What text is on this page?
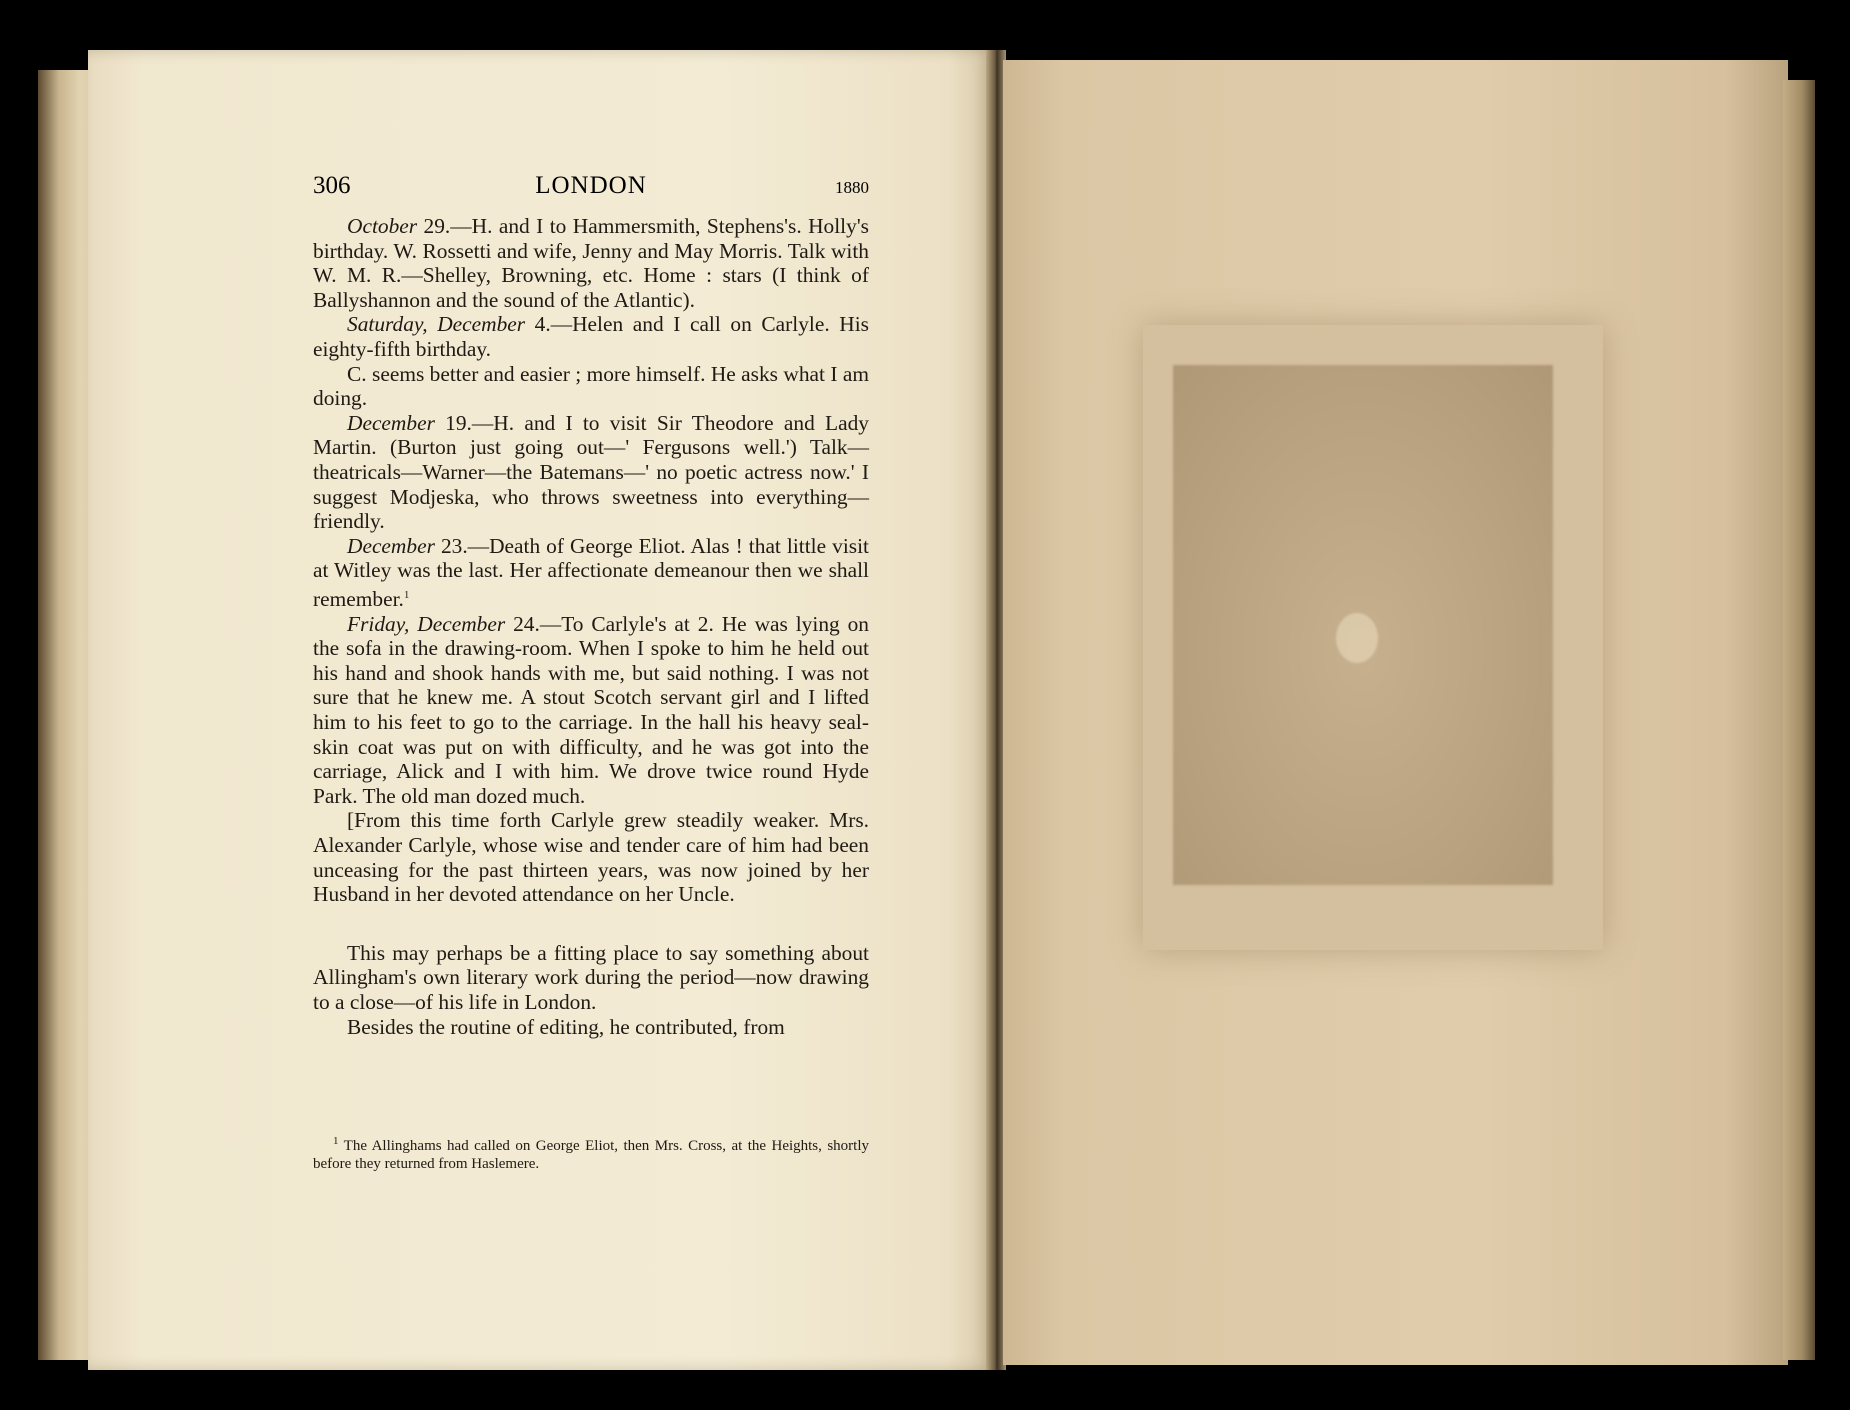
306	LONDON	1880

October 29.—H. and I to Hammersmith, Stephens's. Holly's birthday. W. Rossetti and wife, Jenny and May Morris. Talk with W. M. R.—Shelley, Browning, etc. Home : stars (I think of Ballyshannon and the sound of the Atlantic).

Saturday, December 4.—Helen and I call on Carlyle. His eighty-fifth birthday.

C. seems better and easier ; more himself. He asks what I am doing.

December 19.—H. and I to visit Sir Theodore and Lady Martin. (Burton just going out—' Fergusons well.') Talk—theatricals—Warner—the Batemans—' no poetic actress now.' I suggest Modjeska, who throws sweetness into everything—friendly.

December 23.—Death of George Eliot. Alas ! that little visit at Witley was the last. Her affectionate demeanour then we shall remember.$^1$

Friday, December 24.—To Carlyle's at 2. He was lying on the sofa in the drawing-room. When I spoke to him he held out his hand and shook hands with me, but said nothing. I was not sure that he knew me. A stout Scotch servant girl and I lifted him to his feet to go to the carriage. In the hall his heavy seal-skin coat was put on with difficulty, and he was got into the carriage, Alick and I with him. We drove twice round Hyde Park. The old man dozed much.

[From this time forth Carlyle grew steadily weaker. Mrs. Alexander Carlyle, whose wise and tender care of him had been unceasing for the past thirteen years, was now joined by her Husband in her devoted attendance on her Uncle.

This may perhaps be a fitting place to say something about Allingham's own literary work during the period—now drawing to a close—of his life in London.

Besides the routine of editing, he contributed, from

$^1$ The Allinghams had called on George Eliot, then Mrs. Cross, at the Heights, shortly before they returned from Haslemere.
